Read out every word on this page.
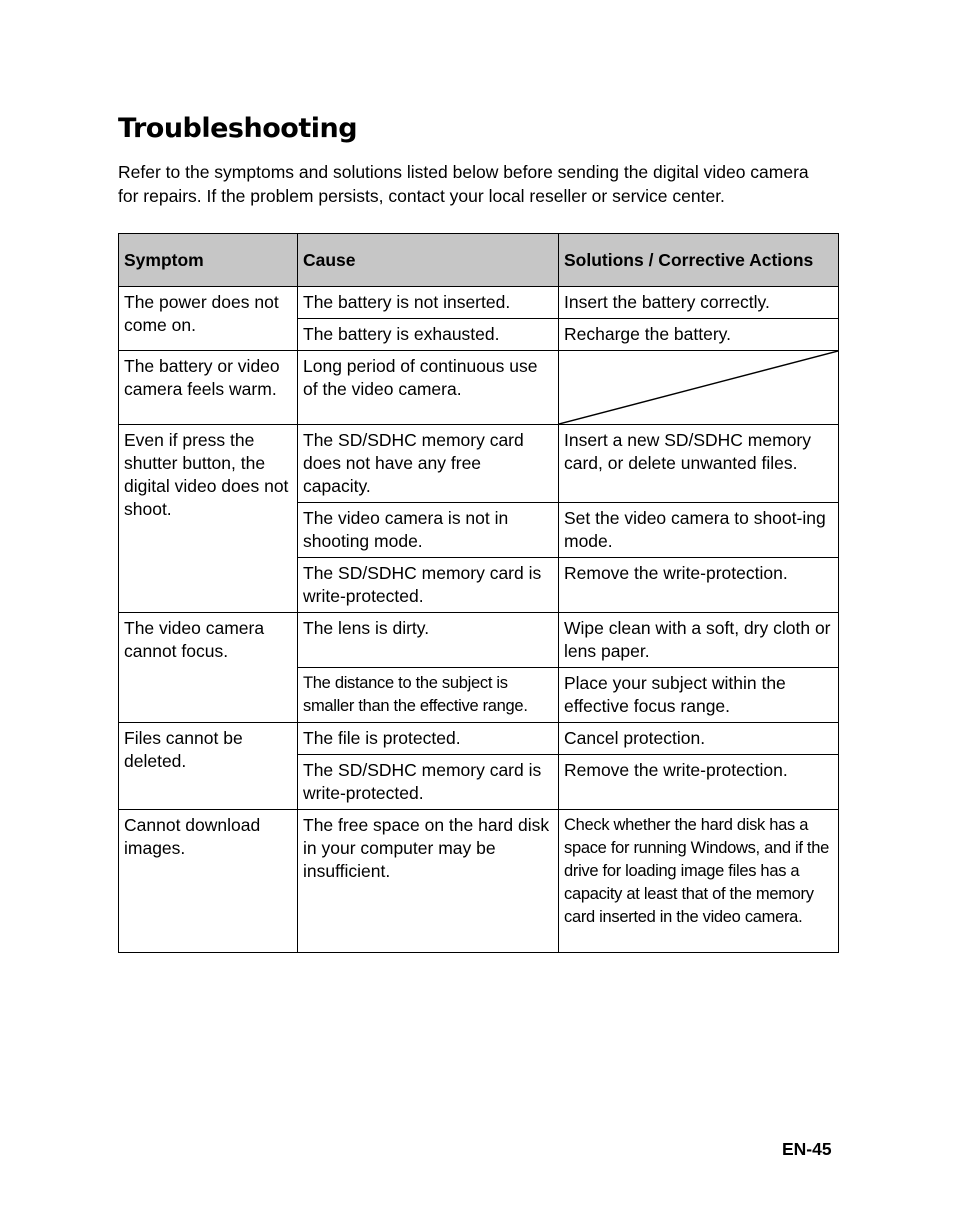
Troubleshooting

Refer to the symptoms and solutions listed below before sending the digital video camera for repairs. If the problem persists, contact your local reseller or service center.

Symptom	Cause	Solutions / Corrective Actions
The power does not come on.	The battery is not inserted.	Insert the battery correctly.
	The battery is exhausted.	Recharge the battery.
The battery or video camera feels warm.	Long period of continuous use of the video camera.	

Even if press the shutter button, the digital video does not shoot.	The SD/SDHC memory card does not have any free capacity.	Insert a new SD/SDHC memory card, or delete unwanted files.
	The video camera is not in shooting mode.	Set the video camera to shoot-ing mode.
	The SD/SDHC memory card is write-protected.	Remove the write-protection.
The video camera cannot focus.	The lens is dirty.	Wipe clean with a soft, dry cloth or lens paper.
	The distance to the subject is smaller than the effective range.	Place your subject within the effective focus range.
Files cannot be deleted.	The file is protected.	Cancel protection.
	The SD/SDHC memory card is write-protected.	Remove the write-protection.
Cannot download images.	The free space on the hard disk in your computer may be insufficient.	Check whether the hard disk has a space for running Windows, and if the drive for loading image files has a capacity at least that of the memory card inserted in the video camera.

EN-45
